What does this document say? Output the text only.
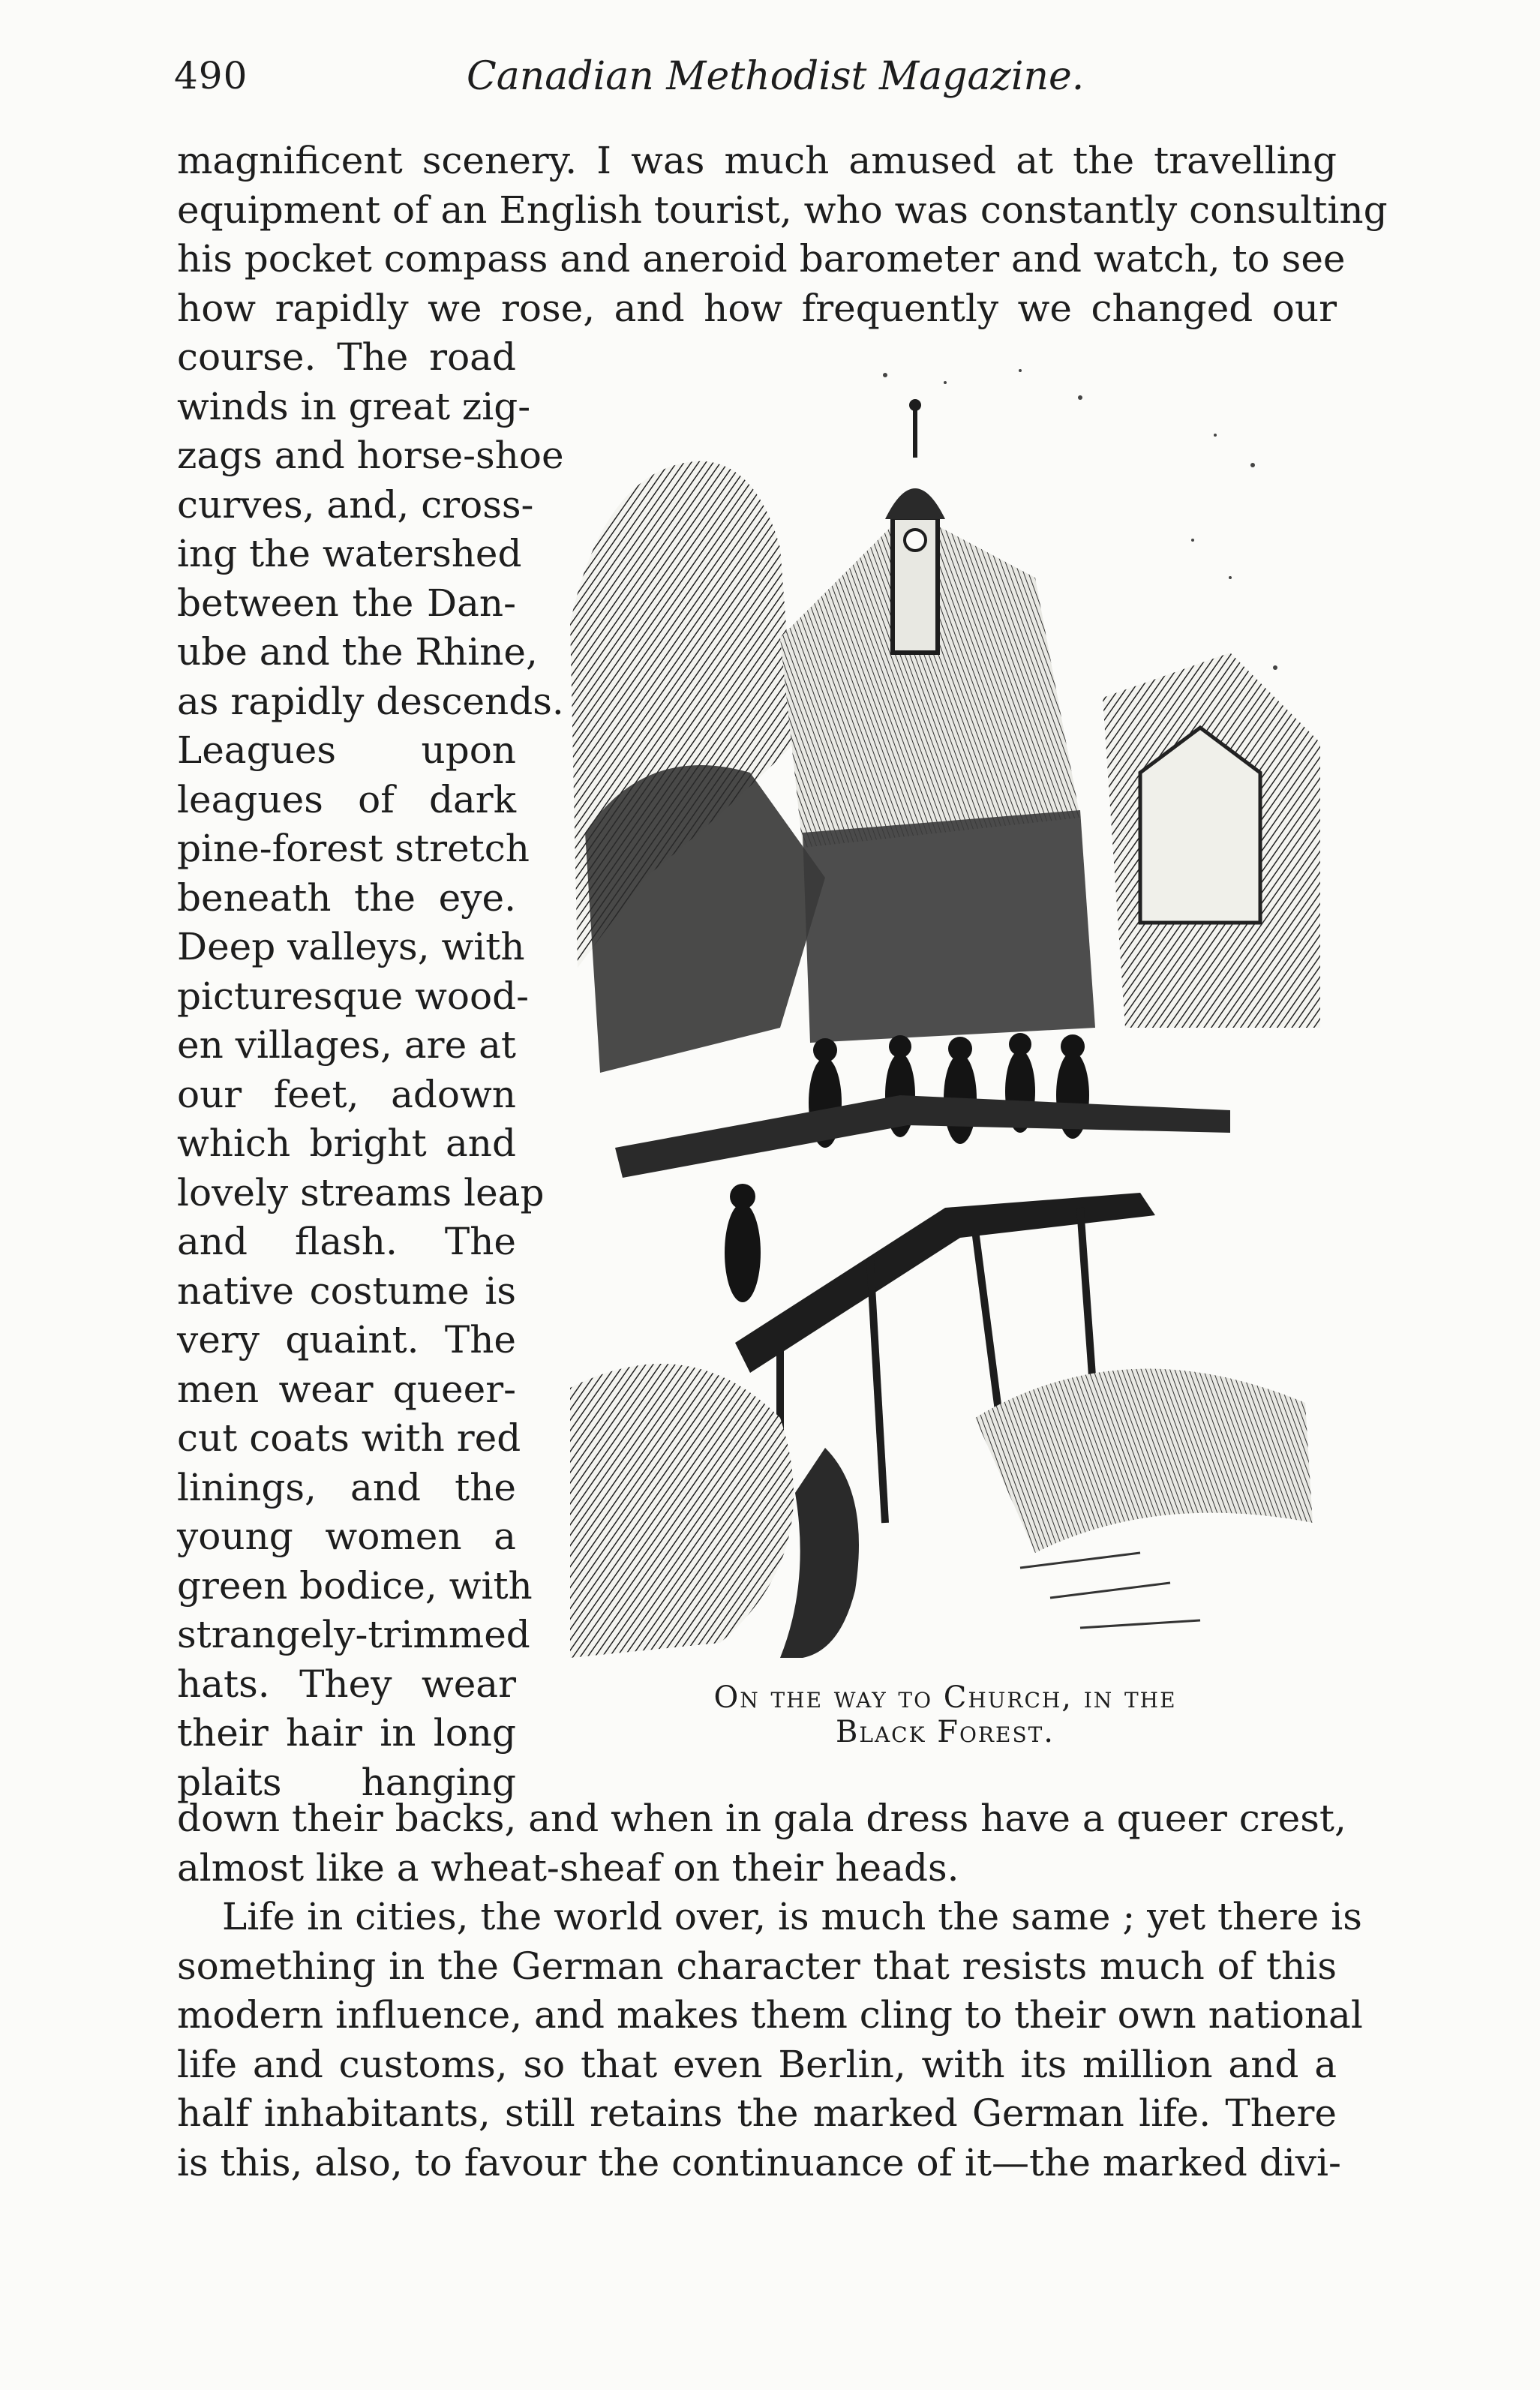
490	Canadian Methodist Magazine.
magnificent scenery. I was much amused at the travelling
equipment of an English tourist, who was constantly consulting
his pocket compass and aneroid barometer and watch, to see
how rapidly we rose, and how frequently we changed our
course. The road
winds in great zig-
zags and horse-shoe
curves, and, cross-
ing the watershed
between the Dan-
ube and the Rhine,
as rapidly descends.
Leagues upon
leagues of dark
pine-forest stretch
beneath the eye.
Deep valleys, with
picturesque wood-
en villages, are at
our feet, adown
which bright and
lovely streams leap
and flash. The
native costume is
very quaint. The
men wear queer-
cut coats with red
linings, and the
young women a
green bodice, with
strangely-trimmed
hats. They wear
their hair in long
plaits hanging
On the way to Church, in the
Black Forest.
down their backs, and when in gala dress have a queer crest,
almost like a wheat-sheaf on their heads.
Life in cities, the world over, is much the same ; yet there is
something in the German character that resists much of this
modern influence, and makes them cling to their own national
life and customs, so that even Berlin, with its million and a
half inhabitants, still retains the marked German life. There
is this, also, to favour the continuance of it—the marked divi-
